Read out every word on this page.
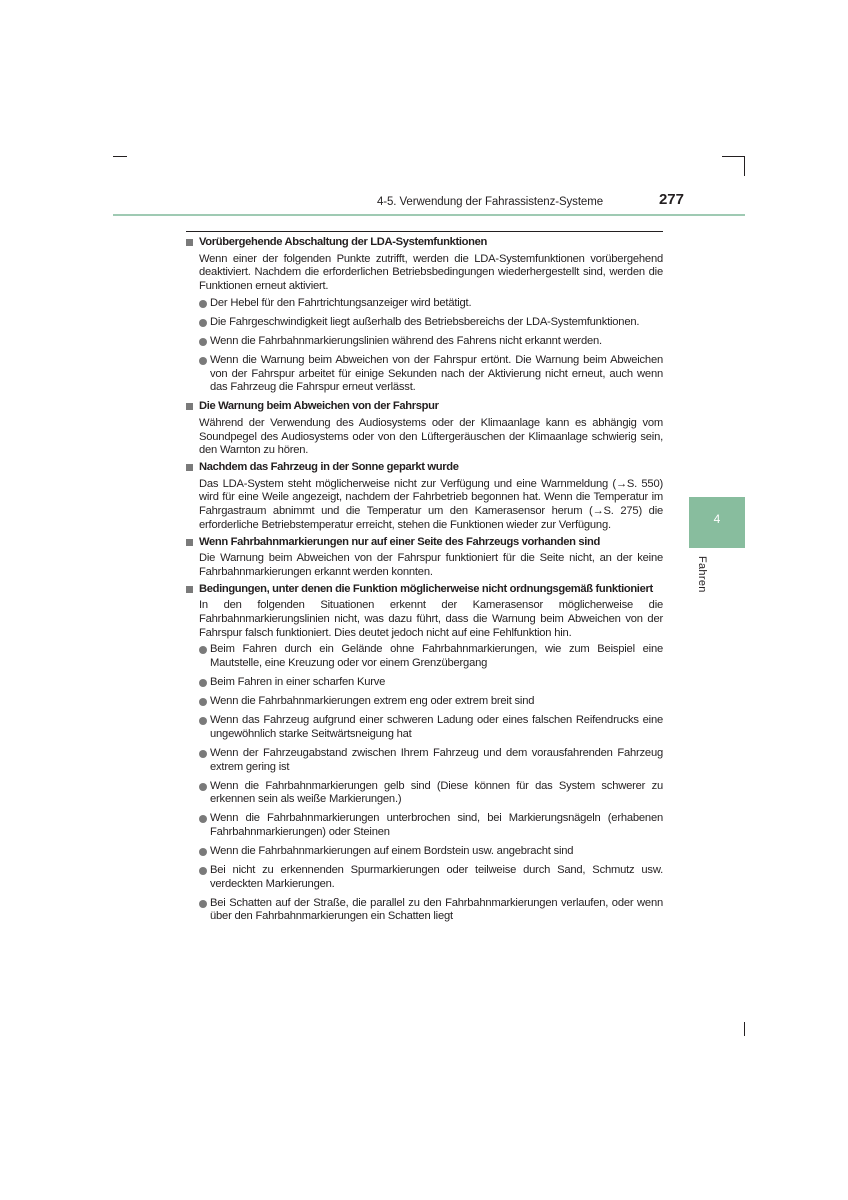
4-5. Verwendung der Fahrassistenz-Systeme	277
4
Fahren
Vorübergehende Abschaltung der LDA-Systemfunktionen
Wenn einer der folgenden Punkte zutrifft, werden die LDA-Systemfunktionen vorübergehend deaktiviert. Nachdem die erforderlichen Betriebsbedingungen wiederhergestellt sind, werden die Funktionen erneut aktiviert.
Der Hebel für den Fahrtrichtungsanzeiger wird betätigt.
Die Fahrgeschwindigkeit liegt außerhalb des Betriebsbereichs der LDA-Systemfunktionen.
Wenn die Fahrbahnmarkierungslinien während des Fahrens nicht erkannt werden.
Wenn die Warnung beim Abweichen von der Fahrspur ertönt. Die Warnung beim Abweichen von der Fahrspur arbeitet für einige Sekunden nach der Aktivierung nicht erneut, auch wenn das Fahrzeug die Fahrspur erneut verlässt.
Die Warnung beim Abweichen von der Fahrspur
Während der Verwendung des Audiosystems oder der Klimaanlage kann es abhängig vom Soundpegel des Audiosystems oder von den Lüftergeräuschen der Klimaanlage schwierig sein, den Warnton zu hören.
Nachdem das Fahrzeug in der Sonne geparkt wurde
Das LDA-System steht möglicherweise nicht zur Verfügung und eine Warnmeldung (→S. 550) wird für eine Weile angezeigt, nachdem der Fahrbetrieb begonnen hat. Wenn die Temperatur im Fahrgastraum abnimmt und die Temperatur um den Kamerasensor herum (→S. 275) die erforderliche Betriebstemperatur erreicht, stehen die Funktionen wieder zur Verfügung.
Wenn Fahrbahnmarkierungen nur auf einer Seite des Fahrzeugs vorhanden sind
Die Warnung beim Abweichen von der Fahrspur funktioniert für die Seite nicht, an der keine Fahrbahnmarkierungen erkannt werden konnten.
Bedingungen, unter denen die Funktion möglicherweise nicht ordnungsgemäß funktioniert
In den folgenden Situationen erkennt der Kamerasensor möglicherweise die Fahrbahnmarkierungslinien nicht, was dazu führt, dass die Warnung beim Abweichen von der Fahrspur falsch funktioniert. Dies deutet jedoch nicht auf eine Fehlfunktion hin.
Beim Fahren durch ein Gelände ohne Fahrbahnmarkierungen, wie zum Beispiel eine Mautstelle, eine Kreuzung oder vor einem Grenzübergang
Beim Fahren in einer scharfen Kurve
Wenn die Fahrbahnmarkierungen extrem eng oder extrem breit sind
Wenn das Fahrzeug aufgrund einer schweren Ladung oder eines falschen Reifendrucks eine ungewöhnlich starke Seitwärtsneigung hat
Wenn der Fahrzeugabstand zwischen Ihrem Fahrzeug und dem vorausfahrenden Fahrzeug extrem gering ist
Wenn die Fahrbahnmarkierungen gelb sind (Diese können für das System schwerer zu erkennen sein als weiße Markierungen.)
Wenn die Fahrbahnmarkierungen unterbrochen sind, bei Markierungsnägeln (erhabenen Fahrbahnmarkierungen) oder Steinen
Wenn die Fahrbahnmarkierungen auf einem Bordstein usw. angebracht sind
Bei nicht zu erkennenden Spurmarkierungen oder teilweise durch Sand, Schmutz usw. verdeckten Markierungen.
Bei Schatten auf der Straße, die parallel zu den Fahrbahnmarkierungen verlaufen, oder wenn über den Fahrbahnmarkierungen ein Schatten liegt
